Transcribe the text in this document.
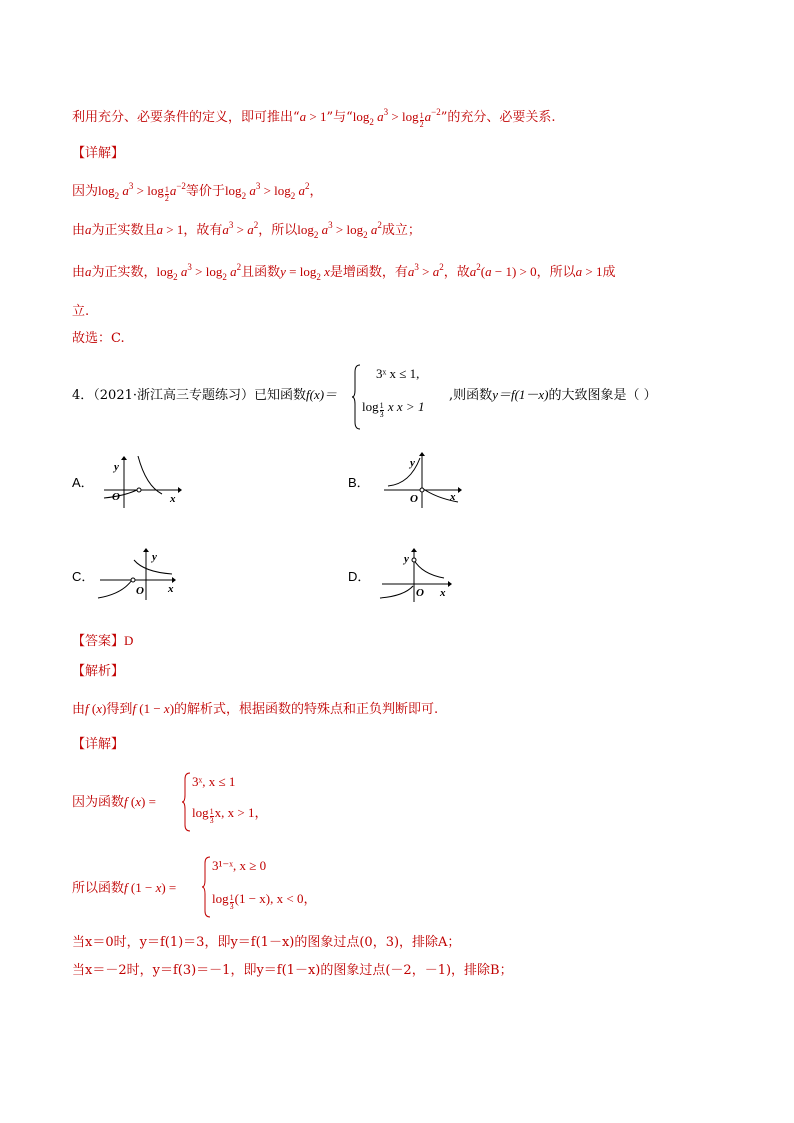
利用充分、必要条件的定义，即可推出“a > 1”与“$\log_2$ $a^3 > \log$
$\frac{1}{2} a^{-2}$”的充分、必要关系.
【详解】
因为$\log_2 a^3 > \log$
$\frac{1}{2} a^{-2}$等价于$\log_2 a^3 > \log_2 a^2$，
由a为正实数且a > 1，故有$a^3 > a^2$，所以$\log_2 a^3 > \log_2 a^2$成立；
由a为正实数，$\log_2 a^3 > \log_2 a^2$且函数$y = \log_2 x$是增函数，有$a^3 > a^2$，故$a^2(a - 1) > 0$，所以a > 1成
立.
故选：C.
4．（2021·浙江高三专题练习）已知函数f(x)＝	,则函数y＝f(1－x)的大致图象是（ ）
3ˣ x ≤ 1,
log
$\frac{1}{3}$ x x > 1
A．
y
O	x
B．
y
O	x
C．
y
O x
D．
y
O x
【答案】D
【解析】
由f (x)得到f (1 − x)的解析式，根据函数的特殊点和正负判断即可.
【详解】
因为函数f (x) =
3ˣ, x ≤ 1
log
$\frac{1}{3} x$, x > 1，
所以函数f (1 − x) =
3¹⁻ˣ, x ≥ 0
log
$\frac{1}{3} (1 - x)$, x < 0，
当x＝0时，y＝f(1)＝3，即y＝f(1－x)的图象过点(0，3)，排除A；
当x＝－2时，y＝f(3)＝－1，即y＝f(1－x)的图象过点(－2，－1)，排除B；
